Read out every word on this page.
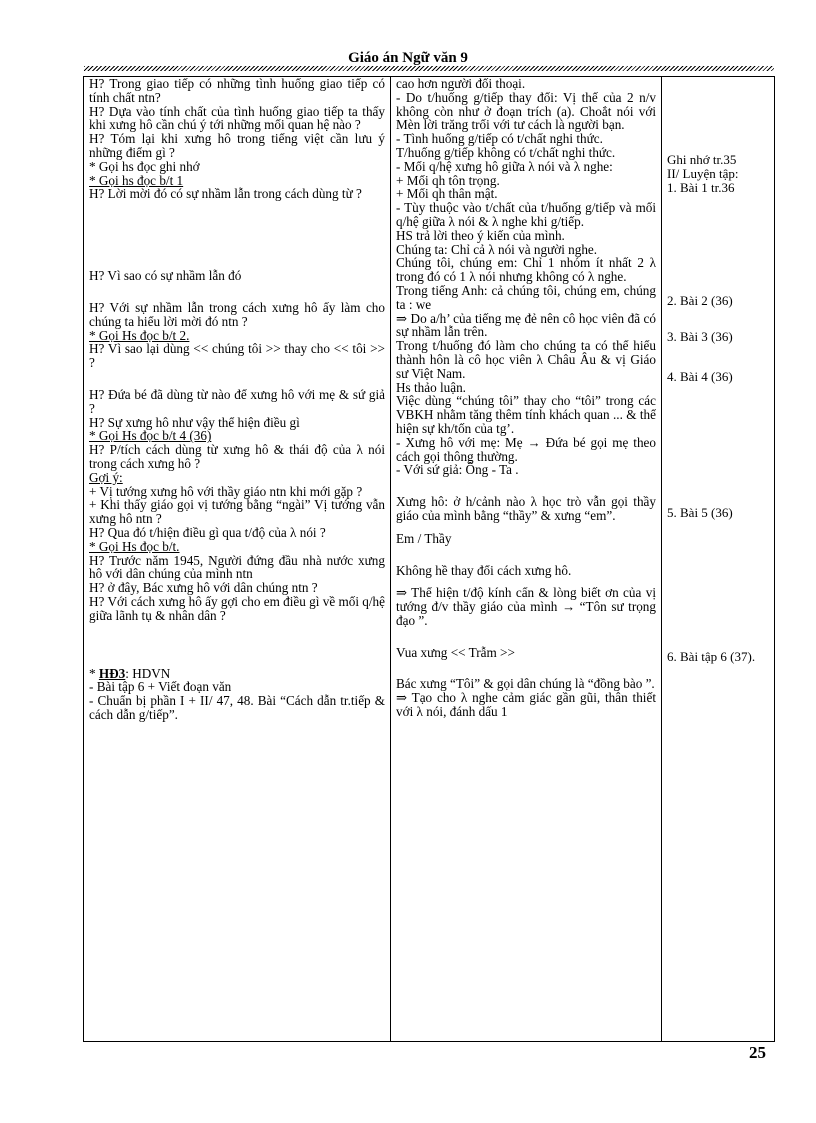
Giáo án Ngữ văn 9

H? Trong giao tiếp có những tình huống giao tiếp có tính chất ntn?

H? Dựa vào tính chất của tình huống giao tiếp ta thấy khi xưng hô cần chú ý tới những mối quan hệ nào ?

H? Tóm lại khi xưng hô trong tiếng việt cần lưu ý những điểm gì ?

* Gọi hs đọc ghi nhớ

* Gọi hs đọc b/t 1

H? Lời mời đó có sự nhầm lẫn trong cách dùng từ ?

H? Vì sao có sự nhầm lẫn đó

H? Với sự nhầm lẫn trong cách xưng hô ấy làm cho chúng ta hiểu lời mời đó ntn ?

* Gọi Hs đọc b/t 2.

H? Vì sao lại dùng << chúng tôi >> thay cho << tôi >> ?

H? Đứa bé đã dùng từ nào để xưng hô với mẹ & sứ giả ?

H? Sự xưng hô như vậy thể hiện điều gì

* Gọi Hs đọc b/t 4 (36)

H? P/tích cách dùng từ xưng hô & thái độ của λ nói trong cách xưng hô ?

Gợi ý:

+ Vị tướng xưng hô với thầy giáo ntn khi mới gặp ?

+ Khi thấy giáo gọi vị tướng bằng “ngài” Vị tướng vẫn xưng hô ntn ?

H? Qua đó t/hiện điều gì qua t/độ của λ nói ?

* Gọi Hs đọc b/t.

H? Trước năm 1945, Người đứng đầu nhà nước xưng hô với dân chúng của mình ntn

H? ở đây, Bác xưng hô với dân chúng ntn ?

H? Với cách xưng hô ấy gợi cho em điều gì về mối q/hệ giữa lãnh tụ & nhân dân ?

* HĐ3: HDVN

- Bài tập 6 + Viết đoạn văn

- Chuẩn bị phần I + II/ 47, 48. Bài “Cách dẫn tr.tiếp & cách dẫn g/tiếp”.

cao hơn người đối thoại.

- Do t/huống g/tiếp thay đổi: Vị thế của 2 n/v không còn như ở đoạn trích (a). Choắt nói với Mèn lời trăng trối với tư cách là người bạn.

- Tình huống g/tiếp có t/chất nghi thức.

T/huống g/tiếp không có t/chất nghi thức.

- Mối q/hệ xưng hô giữa λ nói và λ nghe:

+ Mối qh tôn trọng.

+ Mối qh thân mật.

- Tùy thuộc vào t/chất của t/huống g/tiếp và mối q/hệ giữa λ nói & λ nghe khi g/tiếp.

HS trả lời theo ý kiến của mình.

Chúng ta: Chỉ cả λ nói và người nghe.

Chúng tôi, chúng em: Chỉ 1 nhóm ít nhất 2 λ trong đó có 1 λ nói nhưng không có λ nghe.

Trong tiếng Anh: cả chúng tôi, chúng em, chúng ta : we

⇒ Do a/h’ của tiếng mẹ đẻ nên cô học viên đã có sự nhầm lẫn trên.

Trong t/huống đó làm cho chúng ta có thể hiểu thành hôn là cô học viên λ Châu Âu & vị Giáo sư Việt Nam.

Hs thảo luận.

Việc dùng “chúng tôi” thay cho “tôi” trong các VBKH nhằm tăng thêm tính khách quan ... & thể hiện sự kh/tốn của tg’.

- Xưng hô với mẹ: Mẹ → Đứa bé gọi mẹ theo cách gọi thông thường.

- Với sứ giả: Ông - Ta .

Xưng hô: ở h/cảnh nào λ học trò vẫn gọi thầy giáo của mình bằng “thầy” & xưng “em”.

Em / Thầy

Không hề thay đổi cách xưng hô.

⇒ Thể hiện t/độ kính cẩn & lòng biết ơn của vị tướng đ/v thầy giáo của mình → “Tôn sư trọng đạo ”.

Vua xưng << Trẫm >>

Bác xưng “Tôi” & gọi dân chúng là “đồng bào ”.

⇒ Tạo cho λ nghe cảm giác gần gũi, thân thiết với λ nói, đánh dấu 1

Ghi nhớ tr.35

II/ Luyện tập:

1. Bài 1 tr.36

2. Bài 2 (36)

3. Bài 3 (36)

4. Bài 4 (36)

5. Bài 5 (36)

6. Bài tập 6 (37).

25
